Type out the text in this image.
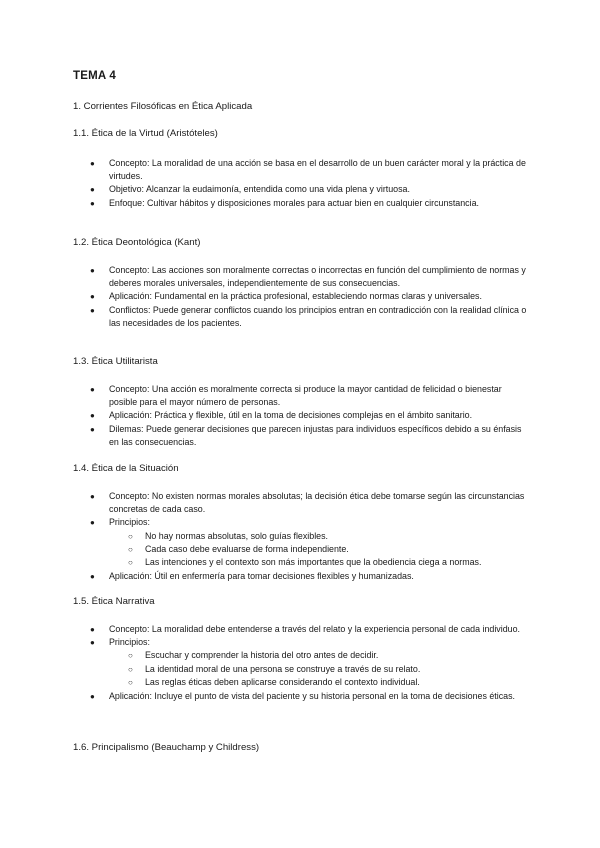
TEMA 4
1. Corrientes Filosóficas en Ética Aplicada
1.1. Ética de la Virtud (Aristóteles)
● Concepto: La moralidad de una acción se basa en el desarrollo de un buen carácter moral y la práctica de virtudes.
● Objetivo: Alcanzar la eudaimonía, entendida como una vida plena y virtuosa.
● Enfoque: Cultivar hábitos y disposiciones morales para actuar bien en cualquier circunstancia.
1.2. Ética Deontológica (Kant)
● Concepto: Las acciones son moralmente correctas o incorrectas en función del cumplimiento de normas y deberes morales universales, independientemente de sus consecuencias.
● Aplicación: Fundamental en la práctica profesional, estableciendo normas claras y universales.
● Conflictos: Puede generar conflictos cuando los principios entran en contradicción con la realidad clínica o las necesidades de los pacientes.
1.3. Ética Utilitarista
● Concepto: Una acción es moralmente correcta si produce la mayor cantidad de felicidad o bienestar posible para el mayor número de personas.
● Aplicación: Práctica y flexible, útil en la toma de decisiones complejas en el ámbito sanitario.
● Dilemas: Puede generar decisiones que parecen injustas para individuos específicos debido a su énfasis en las consecuencias.
1.4. Ética de la Situación
● Concepto: No existen normas morales absolutas; la decisión ética debe tomarse según las circunstancias concretas de cada caso.
● Principios:
○ No hay normas absolutas, solo guías flexibles.
○ Cada caso debe evaluarse de forma independiente.
○ Las intenciones y el contexto son más importantes que la obediencia ciega a normas.
● Aplicación: Útil en enfermería para tomar decisiones flexibles y humanizadas.
1.5. Ética Narrativa
● Concepto: La moralidad debe entenderse a través del relato y la experiencia personal de cada individuo.
● Principios:
○ Escuchar y comprender la historia del otro antes de decidir.
○ La identidad moral de una persona se construye a través de su relato.
○ Las reglas éticas deben aplicarse considerando el contexto individual.
● Aplicación: Incluye el punto de vista del paciente y su historia personal en la toma de decisiones éticas.
1.6. Principalismo (Beauchamp y Childress)
